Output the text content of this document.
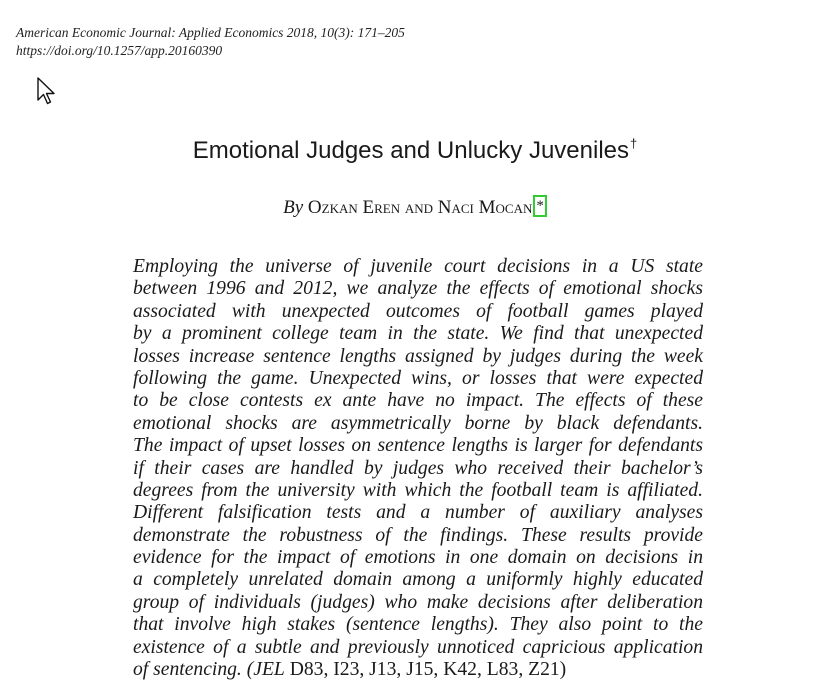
American Economic Journal: Applied Economics 2018, 10(3): 171–205
https://doi.org/10.1257/app.20160390
Emotional Judges and Unlucky Juveniles†
By Ozkan Eren and Naci Mocan *
Employing the universe of juvenile court decisions in a US state
between 1996 and 2012, we analyze the effects of emotional shocks
associated with unexpected outcomes of football games played
by a prominent college team in the state. We find that unexpected
losses increase sentence lengths assigned by judges during the week
following the game. Unexpected wins, or losses that were expected
to be close contests ex ante have no impact. The effects of these
emotional shocks are asymmetrically borne by black defendants.
The impact of upset losses on sentence lengths is larger for defendants
if their cases are handled by judges who received their bachelor’s
degrees from the university with which the football team is affiliated.
Different falsification tests and a number of auxiliary analyses
demonstrate the robustness of the findings. These results provide
evidence for the impact of emotions in one domain on decisions in
a completely unrelated domain among a uniformly highly educated
group of individuals (judges) who make decisions after deliberation
that involve high stakes (sentence lengths). They also point to the
existence of a subtle and previously unnoticed capricious application
of sentencing. (JEL D83, I23, J13, J15, K42, L83, Z21)
